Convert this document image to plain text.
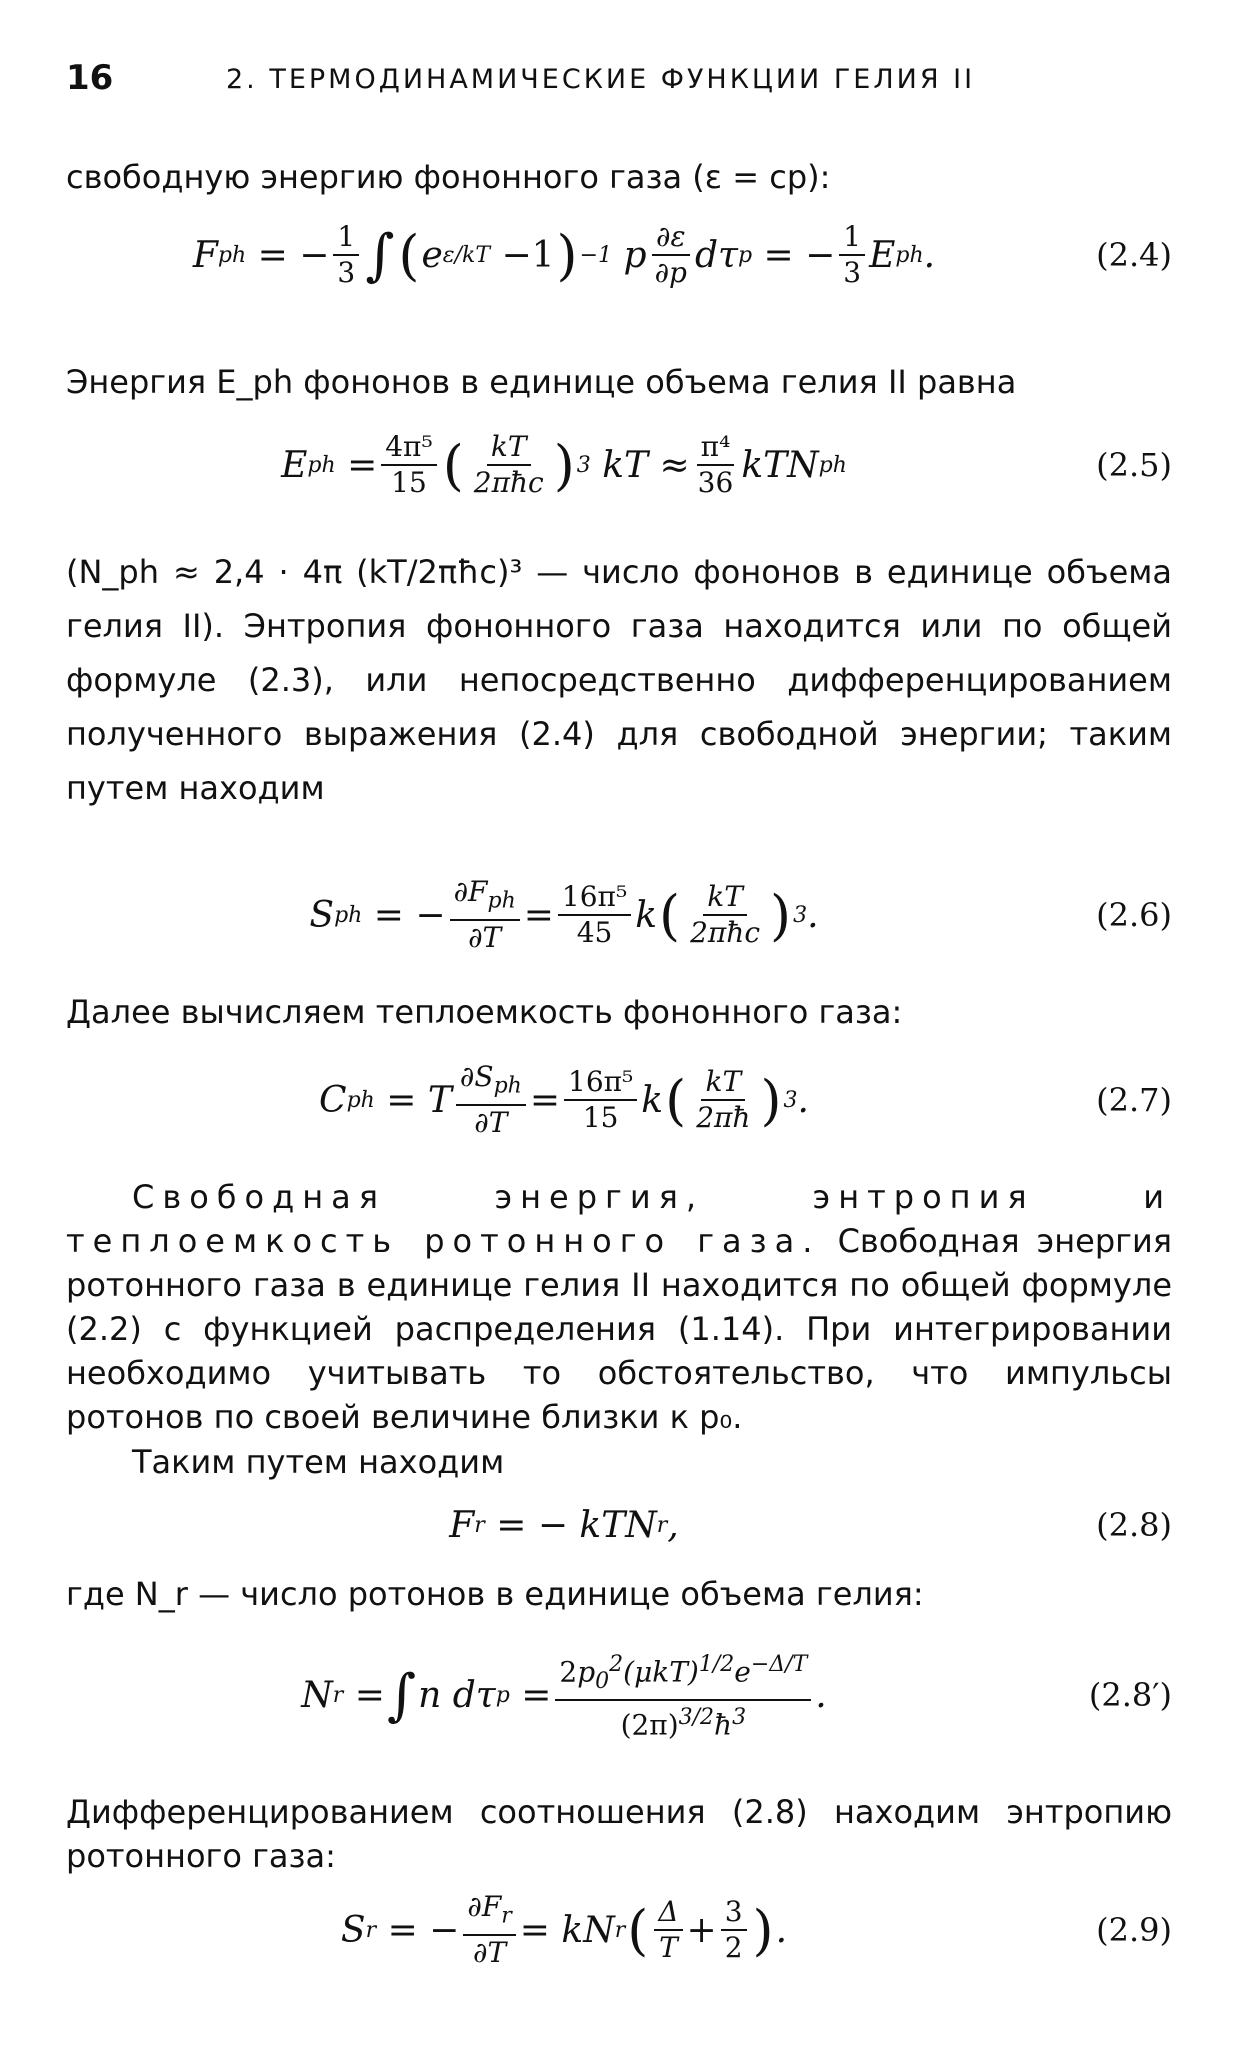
16	2. ТЕРМОДИНАМИЧЕСКИЕ ФУНКЦИИ ГЕЛИЯ II
свободную энергию фононного газа (ε = cp):
F ph = − $\frac{1}{3}$ ∫ ( e ε/kT − 1 ) −1 p $\frac{\partial\varepsilon}{\partial p}$ dτ p = − $\frac{1}{3}$ E ph .	(2.4)
Энергия E_ph фононов в единице объема гелия II равна
E ph = $\frac{\text{4π⁵}}{15}$ ( $\frac{kT}{\text{2πħc}}$ ) 3 kT ≈ $\frac{\text{π⁴}}{36}$ kTN ph	(2.5)
(N_ph ≈ 2,4 · 4π (kT/2πħc)³ — число фононов в единице объема гелия II). Энтропия фононного газа находится или по общей формуле (2.3), или непосредственно дифференцированием полученного выражения (2.4) для свободной энергии; таким путем находим
S ph = − $\frac{\partial F_{ph}}{\partial T} = \frac{\text{16π⁵}}{45}$ k ( $\frac{kT}{\text{2πħc}}$ ) 3 .	(2.6)
Далее вычисляем теплоемкость фононного газа:
C ph = T $\frac{\partial S_{ph}}{\partial T} = \frac{\text{16π⁵}}{15}$ k ( $\frac{kT}{2\pi ħ}$ ) 3 .	(2.7)
Свободная энергия, энтропия и теплоемкость ротонного газа. Свободная энергия ротонного газа в единице гелия II находится по общей формуле (2.2) с функцией распределения (1.14). При интегрировании необходимо учитывать то обстоятельство, что импульсы ротонов по своей величине близки к p₀.
Таким путем находим
F r = − kTN r ,	(2.8)
где N_r — число ротонов в единице объема гелия:
N r = ∫ n dτ $p = \frac{2p_0^2(\mu kT)^{1/2}e^{-\Delta/T}}{(2\pi)^{3/2}ħ^3}$ .	(2.8′)
Дифференцированием соотношения (2.8) находим энтропию ротонного газа:
S r = − $\frac{\partial F_r}{\partial T}$ = kN r ( $\frac{\Delta}{T} + \frac{3}{2}$ ) .	(2.9)
